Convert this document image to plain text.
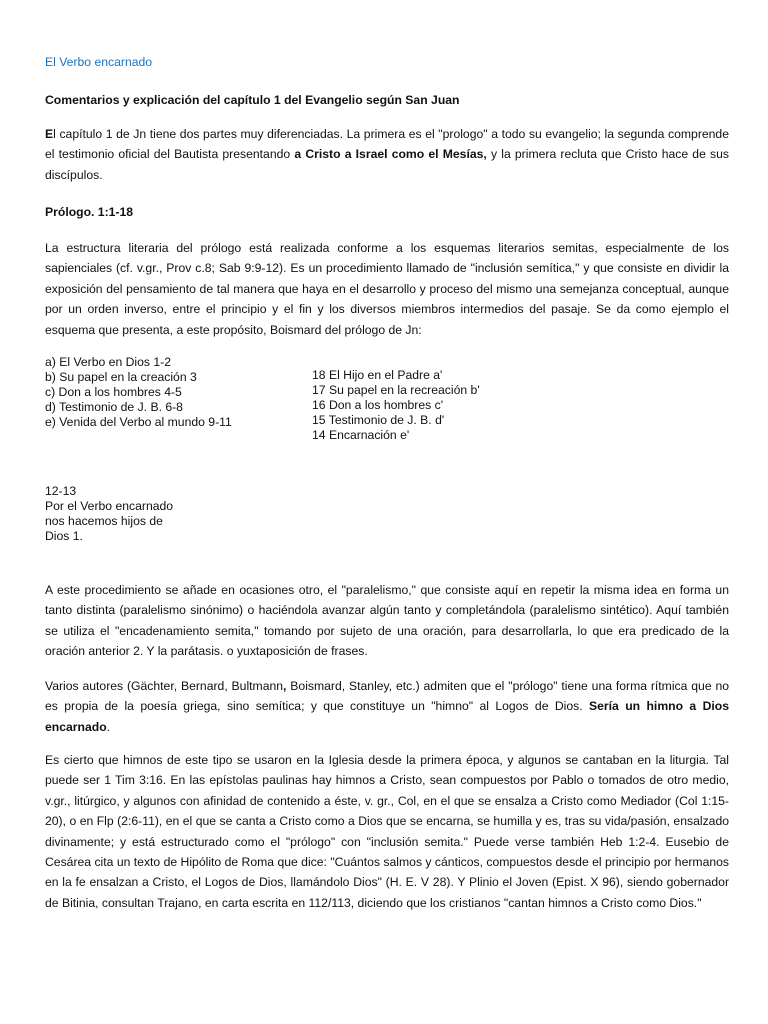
El Verbo encarnado
Comentarios y explicación del capítulo 1 del Evangelio según San Juan

El capítulo 1 de Jn tiene dos partes muy diferenciadas. La primera es el "prologo" a todo su evangelio; la segunda comprende el testimonio oficial del Bautista presentando a Cristo a Israel como el Mesías, y la primera recluta que Cristo hace de sus discípulos.

Prólogo. 1:1-18

La estructura literaria del prólogo está realizada conforme a los esquemas literarios semitas, especialmente de los sapienciales (cf. v.gr., Prov c.8; Sab 9:9-12). Es un procedimiento llamado de "inclusión semítica," y que consiste en dividir la exposición del pensamiento de tal manera que haya en el desarrollo y proceso del mismo una semejanza conceptual, aunque por un orden inverso, entre el principio y el fin y los diversos miembros intermedios del pasaje. Se da como ejemplo el esquema que presenta, a este propósito, Boismard del prólogo de Jn:

a) El Verbo en Dios 1-2
b) Su papel en la creación 3
c) Don a los hombres 4-5
d) Testimonio de J. B. 6-8
e) Venida del Verbo al mundo 9-11
18 El Hijo en el Padre a'
17 Su papel en la recreación b'
16 Don a los hombres c'
15 Testimonio de J. B. d'
14 Encarnación e'
12-13
Por el Verbo encarnado
nos hacemos hijos de
Dios 1.

A este procedimiento se añade en ocasiones otro, el "paralelismo," que consiste aquí en repetir la misma idea en forma un tanto distinta (paralelismo sinónimo) o haciéndola avanzar algún tanto y completándola (paralelismo sintético). Aquí también se utiliza el "encadenamiento semita," tomando por sujeto de una oración, para desarrollarla, lo que era predicado de la oración anterior 2. Y la parátasis. o yuxtaposición de frases.

Varios autores (Gächter, Bernard, Bultmann, Boismard, Stanley, etc.) admiten que el "prólogo" tiene una forma rítmica que no es propia de la poesía griega, sino semítica; y que constituye un "himno" al Logos de Dios. Sería un himno a Dios encarnado.

Es cierto que himnos de este tipo se usaron en la Iglesia desde la primera época, y algunos se cantaban en la liturgia. Tal puede ser 1 Tim 3:16. En las epístolas paulinas hay himnos a Cristo, sean compuestos por Pablo o tomados de otro medio, v.gr., litúrgico, y algunos con afinidad de contenido a éste, v. gr., Col, en el que se ensalza a Cristo como Mediador (Col 1:15-20), o en Flp (2:6-11), en el que se canta a Cristo como a Dios que se encarna, se humilla y es, tras su vida/pasión, ensalzado divinamente; y está estructurado como el "prólogo" con "inclusión semita." Puede verse también Heb 1:2-4. Eusebio de Cesárea cita un texto de Hipólito de Roma que dice: "Cuántos salmos y cánticos, compuestos desde el principio por hermanos en la fe ensalzan a Cristo, el Logos de Dios, llamándolo Dios" (H. E. V 28). Y Plinio el Joven (Epist. X 96), siendo gobernador de Bitinia, consultan Trajano, en carta escrita en 112/113, diciendo que los cristianos "cantan himnos a Cristo como Dios."
